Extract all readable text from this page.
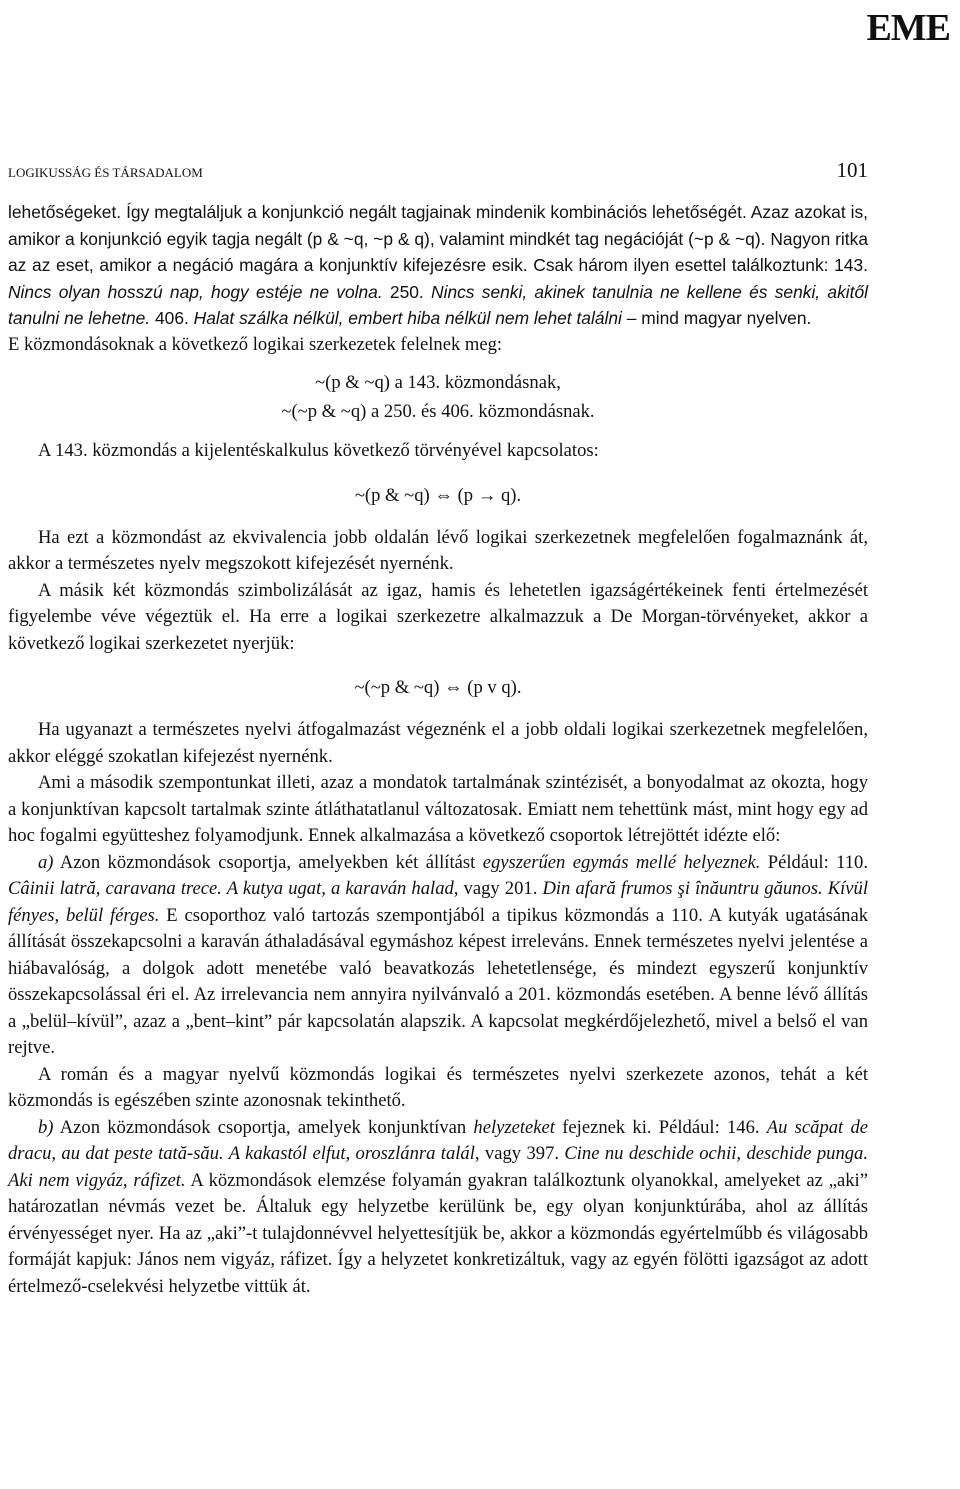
EME
LOGIKUSSÁG ÉS TÁRSADALOM	101

lehetőségeket. Így megtaláljuk a konjunkció negált tagjainak mindenik kombinációs lehetőségét. Azaz azokat is, amikor a konjunkció egyik tagja negált (p & ~q, ~p & q), valamint mindkét tag negációját (~p & ~q). Nagyon ritka az az eset, amikor a negáció magára a konjunktív kifejezésre esik. Csak három ilyen esettel találkoztunk: 143. Nincs olyan hosszú nap, hogy estéje ne volna. 250. Nincs senki, akinek tanulnia ne kellene és senki, akitől tanulni ne lehetne. 406. Halat szálka nélkül, embert hiba nélkül nem lehet találni – mind magyar nyelven.

E közmondásoknak a következő logikai szerkezetek felelnek meg:

~(p & ~q) a 143. közmondásnak,

~(~p & ~q) a 250. és 406. közmondásnak.

A 143. közmondás a kijelentéskalkulus következő törvényével kapcsolatos:

~(p & ~q) ⇔ (p → q).

Ha ezt a közmondást az ekvivalencia jobb oldalán lévő logikai szerkezetnek megfelelően fogalmaznánk át, akkor a természetes nyelv megszokott kifejezését nyernénk.

A másik két közmondás szimbolizálását az igaz, hamis és lehetetlen igazságértékeinek fenti értelmezését figyelembe véve végeztük el. Ha erre a logikai szerkezetre alkalmazzuk a De Morgan-törvényeket, akkor a következő logikai szerkezetet nyerjük:

~(~p & ~q) ⇔ (p v q).

Ha ugyanazt a természetes nyelvi átfogalmazást végeznénk el a jobb oldali logikai szerkezetnek megfelelően, akkor eléggé szokatlan kifejezést nyernénk.

Ami a második szempontunkat illeti, azaz a mondatok tartalmának szintézisét, a bonyodalmat az okozta, hogy a konjunktívan kapcsolt tartalmak szinte átláthatatlanul változatosak. Emiatt nem tehettünk mást, mint hogy egy ad hoc fogalmi együtteshez folyamodjunk. Ennek alkalmazása a következő csoportok létrejöttét idézte elő:

a) Azon közmondások csoportja, amelyekben két állítást egyszerűen egymás mellé helyeznek. Például: 110. Câinii latră, caravana trece. A kutya ugat, a karaván halad, vagy 201. Din afară frumos şi înăuntru găunos. Kívül fényes, belül férges. E csoporthoz való tartozás szempontjából a tipikus közmondás a 110. A kutyák ugatásának állítását összekapcsolni a karaván áthaladásával egymáshoz képest irreleváns. Ennek természetes nyelvi jelentése a hiábavalóság, a dolgok adott menetébe való beavatkozás lehetetlensége, és mindezt egyszerű konjunktív összekapcsolással éri el. Az irrelevancia nem annyira nyilvánvaló a 201. közmondás esetében. A benne lévő állítás a „belül–kívül”, azaz a „bent–kint” pár kapcsolatán alapszik. A kapcsolat megkérdőjelezhető, mivel a belső el van rejtve.

A román és a magyar nyelvű közmondás logikai és természetes nyelvi szerkezete azonos, tehát a két közmondás is egészében szinte azonosnak tekinthető.

b) Azon közmondások csoportja, amelyek konjunktívan helyzeteket fejeznek ki. Például: 146. Au scăpat de dracu, au dat peste tată-său. A kakastól elfut, oroszlánra talál, vagy 397. Cine nu deschide ochii, deschide punga. Aki nem vigyáz, ráfizet. A közmondások elemzése folyamán gyakran találkoztunk olyanokkal, amelyeket az „aki” határozatlan névmás vezet be. Általuk egy helyzetbe kerülünk be, egy olyan konjunktúrába, ahol az állítás érvényességet nyer. Ha az „aki”-t tulajdonnévvel helyettesítjük be, akkor a közmondás egyértelműbb és világosabb formáját kapjuk: János nem vigyáz, ráfizet. Így a helyzetet konkretizáltuk, vagy az egyén fölötti igazságot az adott értelmező-cselekvési helyzetbe vittük át.
